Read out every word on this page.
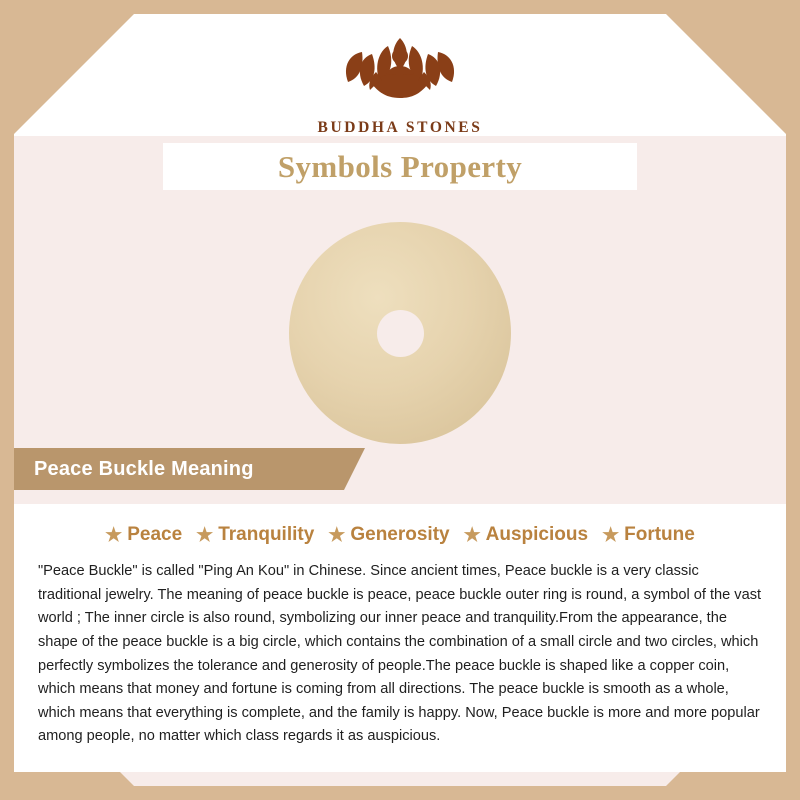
BUDDHA STONES
Symbols Property
Peace Buckle Meaning
★ Peace ★ Tranquility ★ Generosity ★ Auspicious ★ Fortune

"Peace Buckle" is called "Ping An Kou" in Chinese. Since ancient times, Peace buckle is a very classic traditional jewelry. The meaning of peace buckle is peace, peace buckle outer ring is round, a symbol of the vast world ; The inner circle is also round, symbolizing our inner peace and tranquility.From the appearance, the shape of the peace buckle is a big circle, which contains the combination of a small circle and two circles, which perfectly symbolizes the tolerance and generosity of people.The peace buckle is shaped like a copper coin, which means that money and fortune is coming from all directions. The peace buckle is smooth as a whole, which means that everything is complete, and the family is happy. Now, Peace buckle is more and more popular among people, no matter which class regards it as auspicious.
